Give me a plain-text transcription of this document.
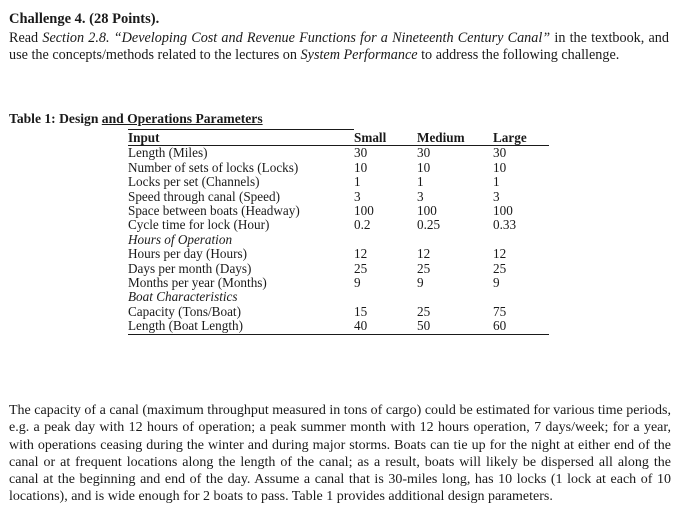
Challenge 4. (28 Points).
Read Section 2.8. “Developing Cost and Revenue Functions for a Nineteenth Century Canal” in the textbook, and use the concepts/methods related to the lectures on System Performance to address the following challenge.
Table 1: Design and Operations Parameters
Input	Small	Medium	Large
Length (Miles)	30	30	30
Number of sets of locks (Locks)	10	10	10
Locks per set (Channels)	1	1	1
Speed through canal (Speed)	3	3	3
Space between boats (Headway)	100	100	100
Cycle time for lock (Hour)	0.2	0.25	0.33
Hours of Operation			
Hours per day (Hours)	12	12	12
Days per month (Days)	25	25	25
Months per year (Months)	9	9	9
Boat Characteristics			
Capacity (Tons/Boat)	15	25	75
Length (Boat Length)	40	50	60
The capacity of a canal (maximum throughput measured in tons of cargo) could be estimated for various time periods, e.g. a peak day with 12 hours of operation; a peak summer month with 12 hours operation, 7 days/week; for a year, with operations ceasing during the winter and during major storms. Boats can tie up for the night at either end of the canal or at frequent locations along the length of the canal; as a result, boats will likely be dispersed all along the canal at the beginning and end of the day. Assume a canal that is 30-miles long, has 10 locks (1 lock at each of 10 locations), and is wide enough for 2 boats to pass. Table 1 provides additional design parameters.
